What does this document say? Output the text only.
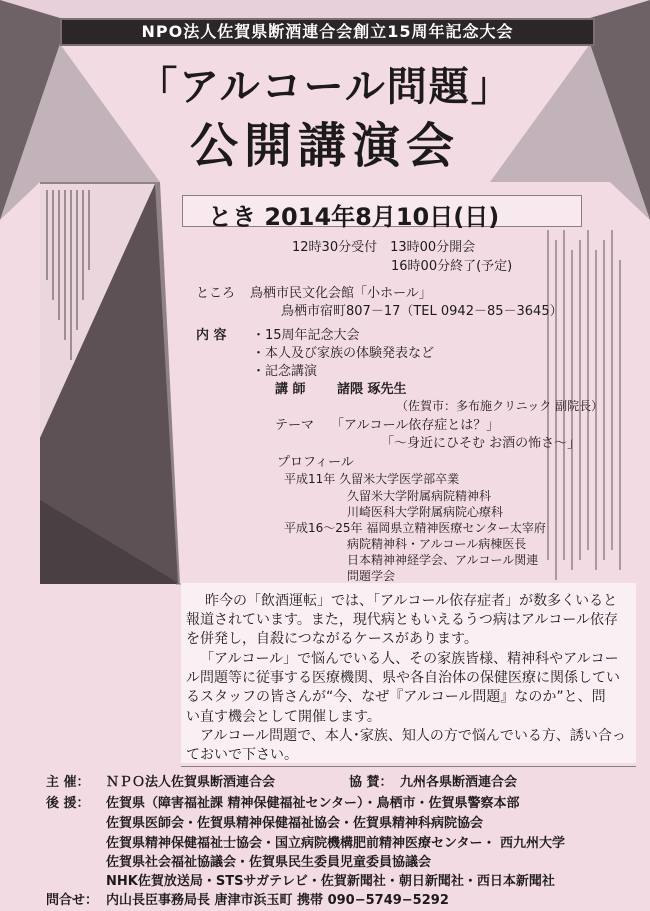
NPO法人佐賀県断酒連合会創立15周年記念大会
「アルコール問題」
公開講演会
とき 2014年8月10日(日)
12時30分受付　13時00分開会
16時00分終了(予定)
ところ 鳥栖市民文化会館「小ホール」
鳥栖市宿町807－17（TEL 0942－85－3645）
内 容 ・15周年記念大会
・本人及び家族の体験発表など
・記念講演
講 師 諸隈 琢先生
（佐賀市：多布施クリニック 副院長）
テーマ 「アルコール依存症とは？」
「～身近にひそむ お酒の怖さ～」
プロフィール
平成11年 久留米大学医学部卒業
久留米大学附属病院精神科
川崎医科大学附属病院心療科
平成16～25年 福岡県立精神医療センター太宰府
病院精神科・アルコール病棟医長
日本精神神経学会、アルコール関連
問題学会
昨今の「飲酒運転」では、「アルコール依存症者」が数多くいると
報道されています。また，現代病ともいえるうつ病はアルコール依存
を併発し，自殺につながるケースがあります。
「アルコール」で悩んでいる人、その家族皆様、精神科やアルコー
ル問題等に従事する医療機関、県や各自治体の保健医療に関係してい
るスタッフの皆さんが“今、なぜ『アルコール問題』なのか”と、問
い直す機会として開催します。
アルコール問題で、本人･家族、知人の方で悩んでいる方、誘い合っ
ておいで下さい。
主 催： ＮＰＯ法人佐賀県断酒連合会	協 賛： 九州各県断酒連合会
後 援： 佐賀県（障害福祉課 精神保健福祉センター）・鳥栖市・佐賀県警察本部
佐賀県医師会・佐賀県精神保健福祉協会・佐賀県精神科病院協会
佐賀県精神保健福祉士協会・国立病院機構肥前精神医療センター・ 西九州大学
佐賀県社会福祉協議会・佐賀県民生委員児童委員協議会
NHK佐賀放送局・STSサガテレビ・佐賀新聞社・朝日新聞社・西日本新聞社
問合せ： 内山長臣事務局長 唐津市浜玉町 携帯 090−5749−5292
